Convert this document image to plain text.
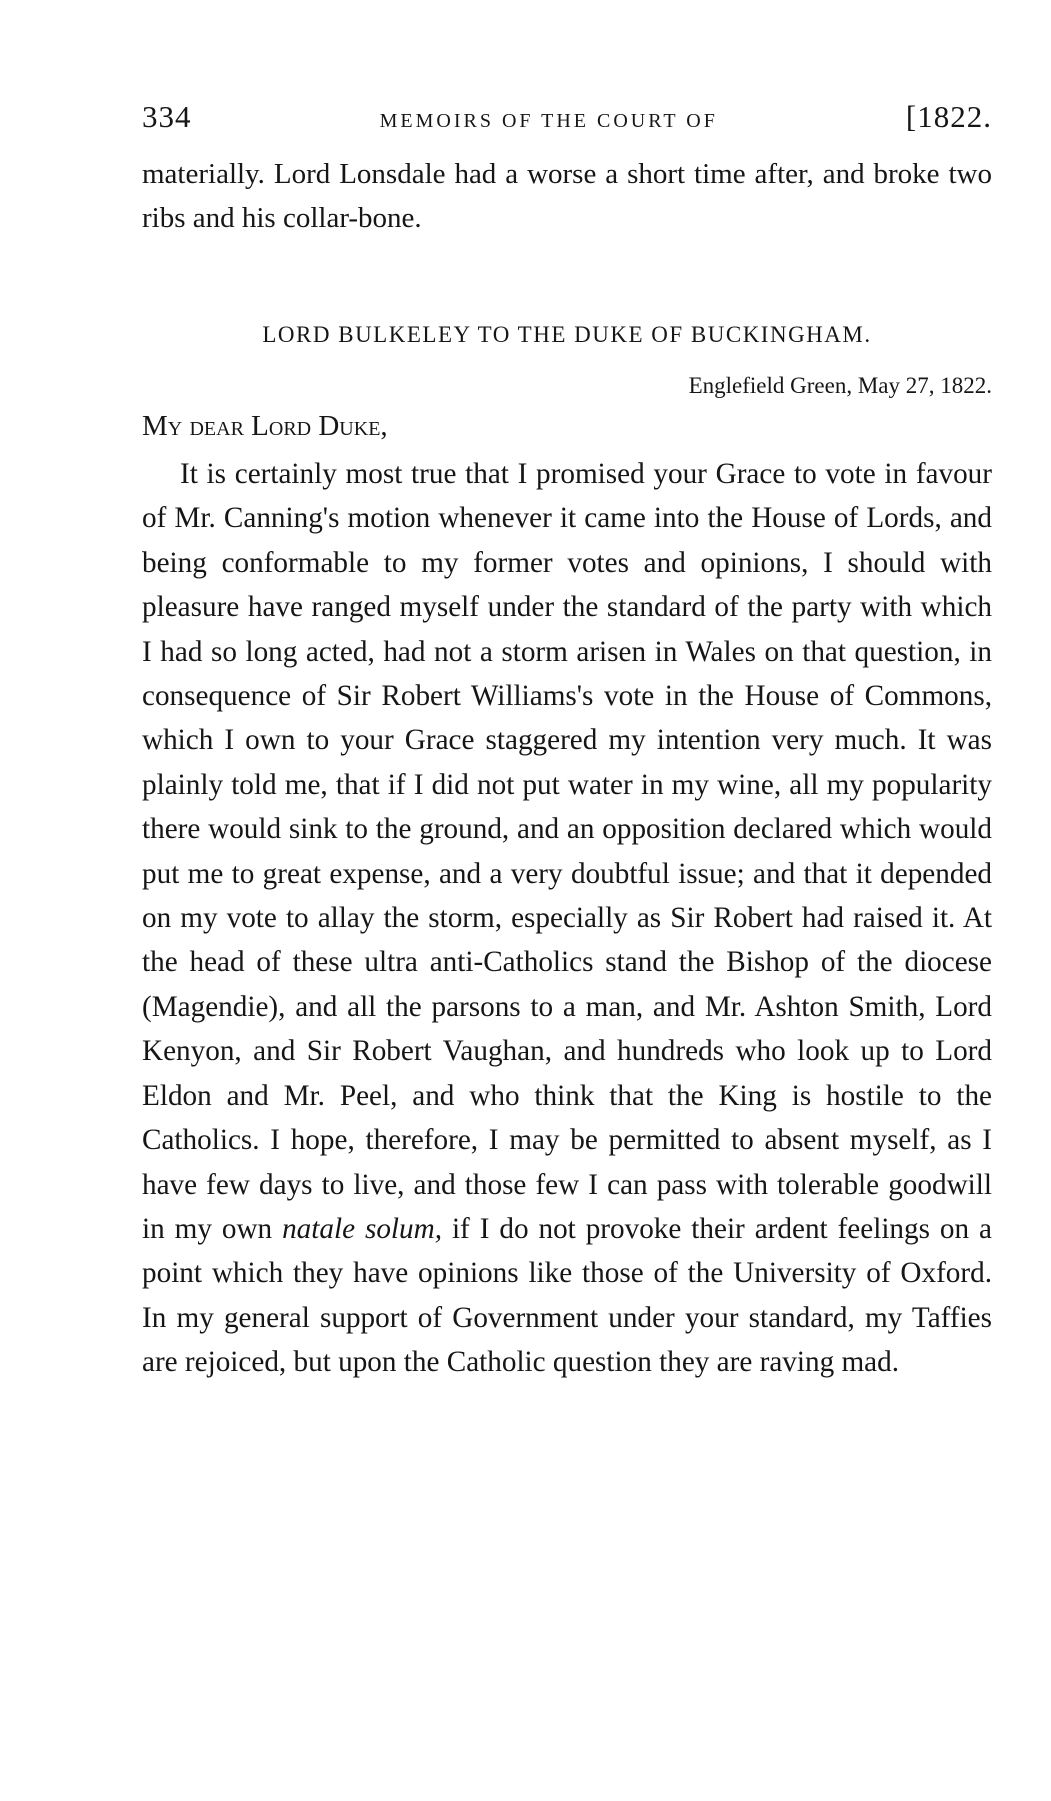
334	MEMOIRS OF THE COURT OF	[1822.

materially. Lord Lonsdale had a worse a short time after, and broke two ribs and his collar-bone.

LORD BULKELEY TO THE DUKE OF BUCKINGHAM.
Englefield Green, May 27, 1822.
My dear Lord Duke,

It is certainly most true that I promised your Grace to vote in favour of Mr. Canning's motion whenever it came into the House of Lords, and being conformable to my former votes and opinions, I should with pleasure have ranged myself under the standard of the party with which I had so long acted, had not a storm arisen in Wales on that question, in consequence of Sir Robert Williams's vote in the House of Commons, which I own to your Grace staggered my intention very much. It was plainly told me, that if I did not put water in my wine, all my popularity there would sink to the ground, and an opposition declared which would put me to great expense, and a very doubtful issue; and that it depended on my vote to allay the storm, especially as Sir Robert had raised it. At the head of these ultra anti-Catholics stand the Bishop of the diocese (Magendie), and all the parsons to a man, and Mr. Ashton Smith, Lord Kenyon, and Sir Robert Vaughan, and hundreds who look up to Lord Eldon and Mr. Peel, and who think that the King is hostile to the Catholics. I hope, therefore, I may be permitted to absent myself, as I have few days to live, and those few I can pass with tolerable goodwill in my own natale solum, if I do not provoke their ardent feelings on a point which they have opinions like those of the University of Oxford. In my general support of Government under your standard, my Taffies are rejoiced, but upon the Catholic question they are raving mad.
